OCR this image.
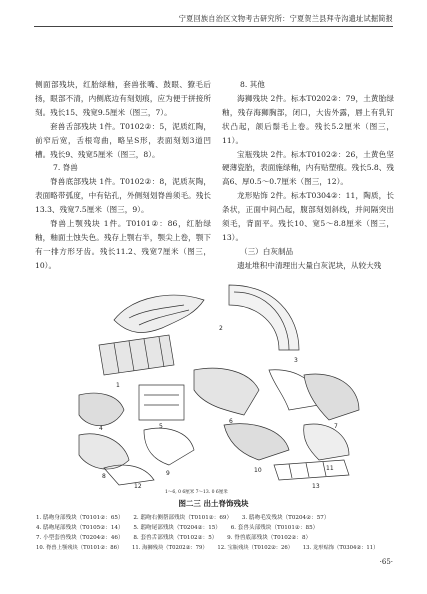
宁夏回族自治区文物考古研究所：宁夏贺兰县拜寺沟遗址试掘简报

侧面部残块，红胎绿釉，套兽张嘴、鼓眼、獠毛后扬，眼部不清，内侧底边有刻划痕，应为便于拼接所刻。残长15、残宽9.5厘米（图三，7）。

套兽舌部残块 1件。T0102②：5，泥质红陶，前窄后宽，舌根弯曲，略呈S形，表面刻划3道凹槽。残长9、残宽5厘米（图三，8）。

7. 脊兽

脊兽底部残块 1件。T0102②：8，泥质灰陶，表面略带弧度，中有钻孔，外侧刻划脊兽须毛。残长13.3、残宽7.5厘米（图三，9）。

脊兽上颚残块 1件。T0101②：86，红胎绿釉，釉面土蚀失色。残存上颚右半，颚尖上卷，颚下有一排方形牙齿。残长11.2、残宽7厘米（图三，10）。

8. 其他

海狮残块 2件。标本T0202②：79，土黄胎绿釉，残存海狮胸部，闭口，大齿外露，唇上有乳钉状凸起，颌后鬃毛上卷。残长5.2厘米（图三，11）。

宝瓶残块 2件。标本T0102②：26，土黄色坚硬薄瓷胎，表面施绿釉，内有贴塑痕。残长5.8、残高6、厚0.5～0.7厘米（图三，12）。

龙形贴饰 2件。标本T0304②：11，陶质，长条状，正面中间凸起，腹部刻划斜线，并间隔突出须毛，背面平。残长10、宽5～8.8厘米（图三，13）。

（三）白灰制品

遗址堆积中清理出大量白灰泥块，从较大残

1
2
3
4	5
6
7
8	9	10	11
12	13
1～6, 0 6厘米 7～13. 0 6厘米
图二三 出土脊饰残块
1. 鸱吻身部残块（T0101②：65） 2. 鸱吻右侧帮部残块（T0101②：69） 3. 鸱吻毛发残块（T0204②：57）
4. 鸱吻尾部残块（T0105②：14） 5. 鸱吻尾部残块（T0204②：15） 6. 套兽头部残块（T0101②：85）
7. 小型套兽残块（T0204②：46） 8. 套兽舌部残块（T0102②：5） 9. 脊兽底部残块（T0102②：8）
10. 脊兽上颚残块（T0101②：86） 11. 海狮残块（T0202②：79） 12. 宝瓶残块（T0102②：26） 13. 龙形贴饰（T0304②：11）
·65·
